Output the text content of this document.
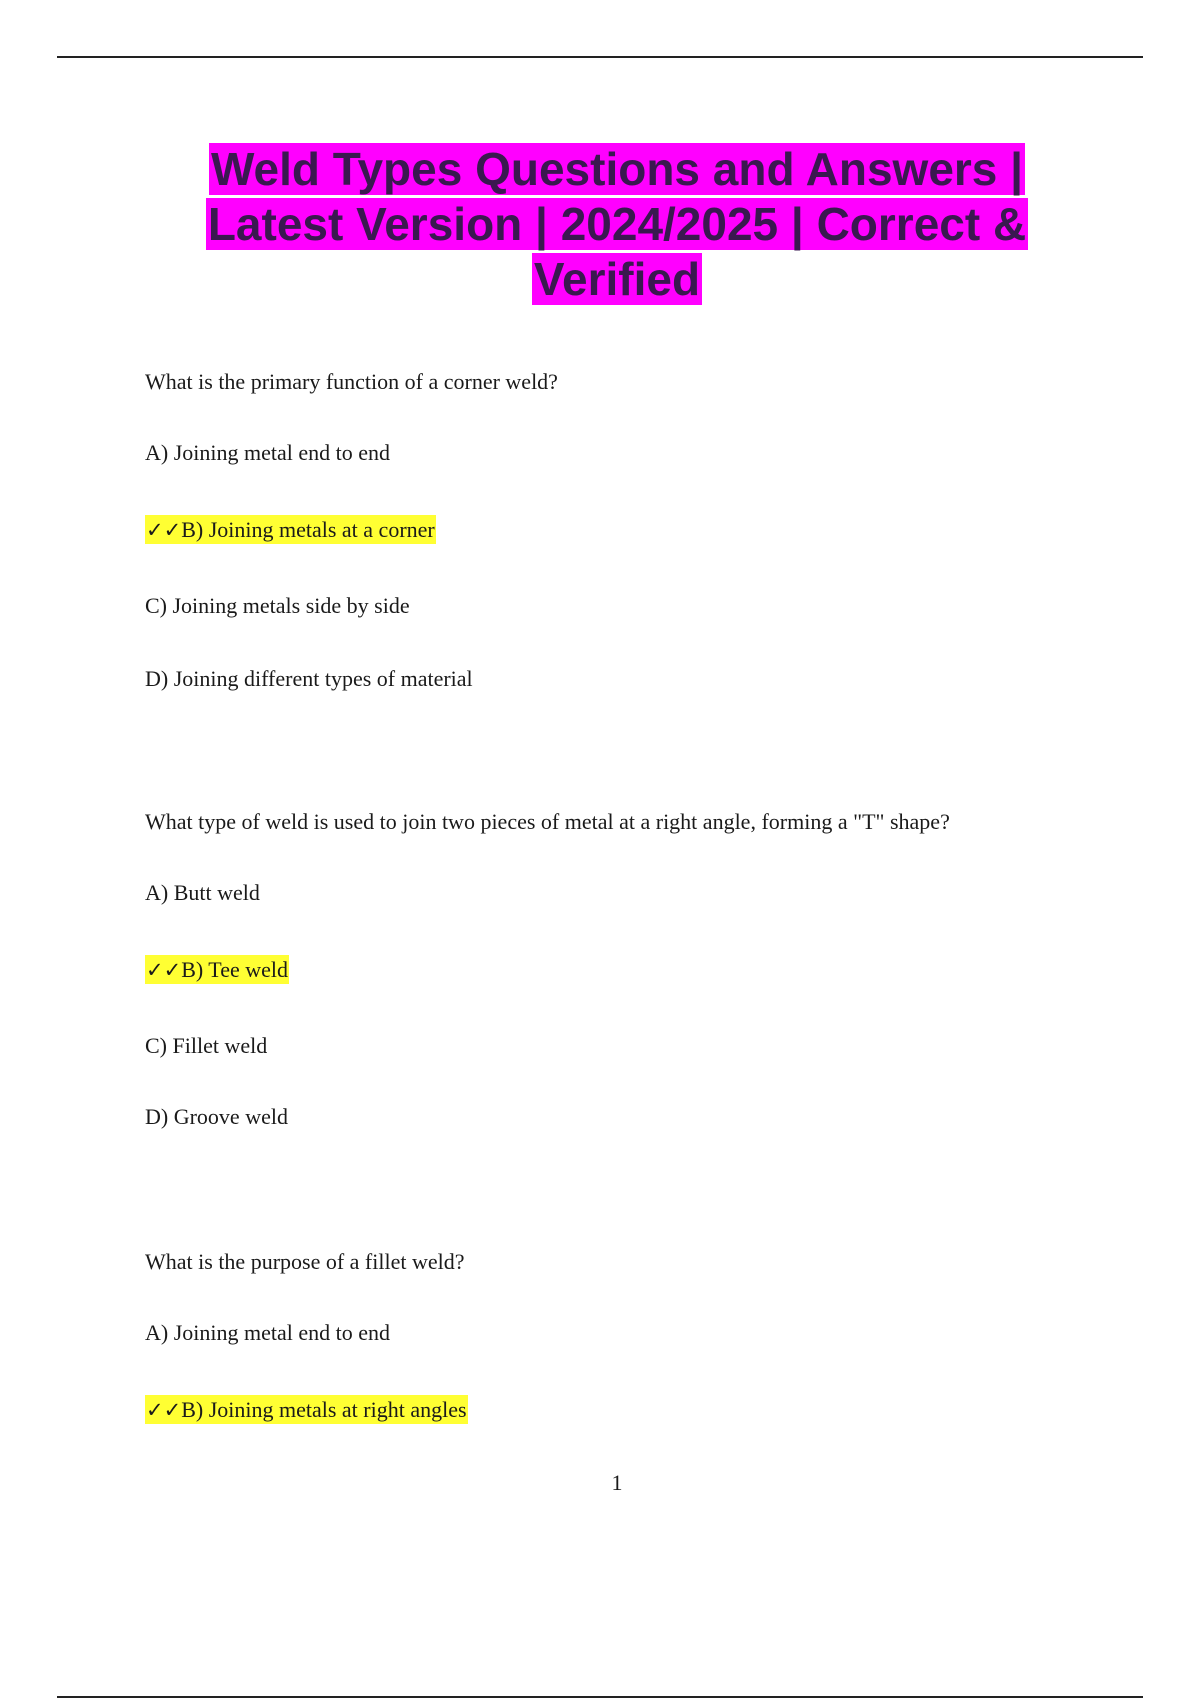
Weld Types Questions and Answers |
Latest Version | 2024/2025 | Correct &
Verified
What is the primary function of a corner weld?
A) Joining metal end to end
✓✓B) Joining metals at a corner
C) Joining metals side by side
D) Joining different types of material
What type of weld is used to join two pieces of metal at a right angle, forming a "T" shape?
A) Butt weld
✓✓B) Tee weld
C) Fillet weld
D) Groove weld
What is the purpose of a fillet weld?
A) Joining metal end to end
✓✓B) Joining metals at right angles
1
